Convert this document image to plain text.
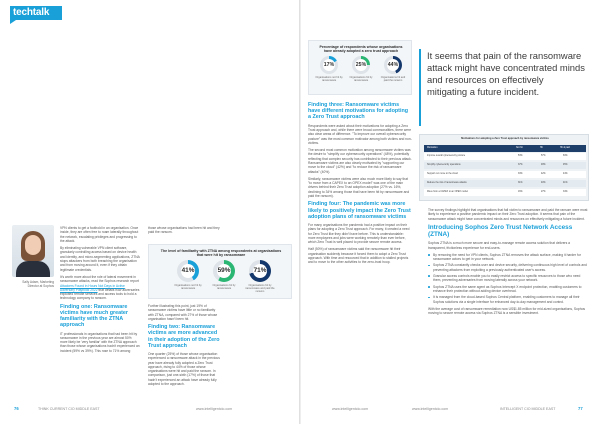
techtalk

VPN clients to get a foothold in an organisation. Once inside, they are often free to roam laterally throughout the network, escalating privileges and progressing to the attack.

By eliminating vulnerable VPN client software, granularly controlling access based on device health and identity, and micro-segmenting applications, ZTNA stops attackers from both breaching the organisation and from moving around it, even if they obtain legitimate credentials.

It's worth more about the role of lateral movement in ransomware attacks, read the Sophos research report Attackers Found in Hours Not Days in Active Adversary Playbook 2022 that details how adversaries exploited remote services and access tools to hold a technology company to ransom.

Finding one: Ransomware victims have much greater familiarity with the ZTNA approach

IT professionals in organisations that had been hit by ransomware in the previous year are almost 50% more likely be 'very familiar' with the ZTNA approach than those whose organisations hadn't experienced an incident (59% vs 39%). This rose to 71% among

Sally Adam, Marketing Director at Sophos

those whose organisations had been hit and they paid the ransom.

The level of familiarity with ZTNA among respondents at organisations that were hit by ransomware
41%
Organisations not hit by ransomware
59%
Organisations hit by ransomware
71%
Organisations hit by ransomware and paid the ransom

Further illustrating this point, just 19% of ransomware victims have little or no familiarity with ZTNA, compared with 27% of those whose organisation hasn't been hit.

Finding two: Ransomware victims are more advanced in their adoption of the Zero Trust approach

One quarter (25%) of those whose organisation experienced a ransomware attack in the previous year have already fully adopted a Zero Trust approach, rising to 44% of those whose organisations were hit and paid the ransom. In comparison, just one-sixth (17%) of those that hadn't experienced an attack have already fully adopted to the approach.

Percentage of respondents whose organisations have already adopted a zero trust approach
17%
Organisations not hit by ransomware
25%
Organisations hit by ransomware
44%
Organisations hit and paid the ransom
Finding three: Ransomware victims have different motivations for adopting a Zero Trust approach

Respondents were asked about their motivations for adopting a Zero Trust approach and, while there were broad commonalities, there were also clear areas of difference. "To improve our overall cybersecurity posture" was the most common motivator among both victims and non-victims.

The second most common motivation among ransomware victims was the desire to "simplify our cybersecurity operations" (48%), potentially reflecting that complex security has contributed to their previous attack. Ransomware victims are also clearly motivated by "supporting our move to the cloud" (42%) and "to reduce the risk of ransomware attacks" (40%).

Similarly, ransomware victims were also much more likely to say that "to move from a CAPEX to an OPEX model" was one of the main drivers behind their Zero Trust adoption adoption (27% vs. 16%, declining to 34% among those that have been hit by ransomware and paid the ransom).

Finding four: The pandemic was more likely to positively impact the Zero Trust adoption plans of ransomware victims

For many organisations the pandemic had a positive impact on their plans for adopting a Zero Trust approach. For many, it created a need for Zero Trust like they didn't have before. This is understandable: more employees and jobs were working remotely than ever before, which Zero Trust is well placed to provide secure remote access.

Half (50%) of ransomware victims said the ransomware hit their organisation suddenly because it forced them to adopt a Zero Trust approach. With time and resourced that in addition to stalled projects and to move to the other activities to the zero-trust hoop.

It seems that pain of the ransomware attack might have concentrated minds and resources on effectively mitigating a future incident.
Motivations for adopting a Zero Trust approach by ransomware victims
Motivation	Not hit	Hit	Hit & paid
Improve overall cybersecurity posture	53%	57%	63%
Simplify cybersecurity operations	37%	48%	45%
Support our move to the cloud	33%	42%	44%
Reduce the risk of ransomware attacks	31%	40%	41%
Move from a CAPEX to an OPEX model	16%	27%	34%

The survey findings highlight that organisations that fall victim to ransomware and paid the ransom were most likely to experience a positive pandemic impact on their Zero Trust adoption. It seems that pain of the ransomware attack might have concentrated minds and resources on effectively mitigating a future incident.

Introducing Sophos Zero Trust Network Access (ZTNA)

Sophos ZTNA is a much more secure and easy-to-manage remote access solution that delivers a transparent, frictionless experience for end-users.

By removing the need for VPN clients, Sophos ZTNA removes the attack surface, making it harder for ransomware actors to get in your network.
Sophos ZTNA constantly checks user and device security, delivering continuous high level of controls and preventing attackers from exploiting a previously authenticated user's access.
Granular access controls enable you to easily restrict access to specific resources to those who need them, preventing adversaries from moving laterally across your network.
Sophos ZTNA uses the same agent as Sophos Intercept X endpoint protection, enabling customers to enhance their protection without adding device overhead.
It is managed from the cloud-based Sophos Central platform, enabling customers to manage all their Sophos solutions via a single interface for enhanced day-to-day management and control.

With the average cost of ransomware remediation now US$1.85 million for mid-sized organisations, Sophos moving to secure remote access via Sophos ZTNA is a sensible investment.

76	THINK CURRENT CIO MIDDLE EAST	www.intelligentcio.com	www.intelligentcio.com	www.intelligentcio.com	INTELLIGENT CIO MIDDLE EAST	77
